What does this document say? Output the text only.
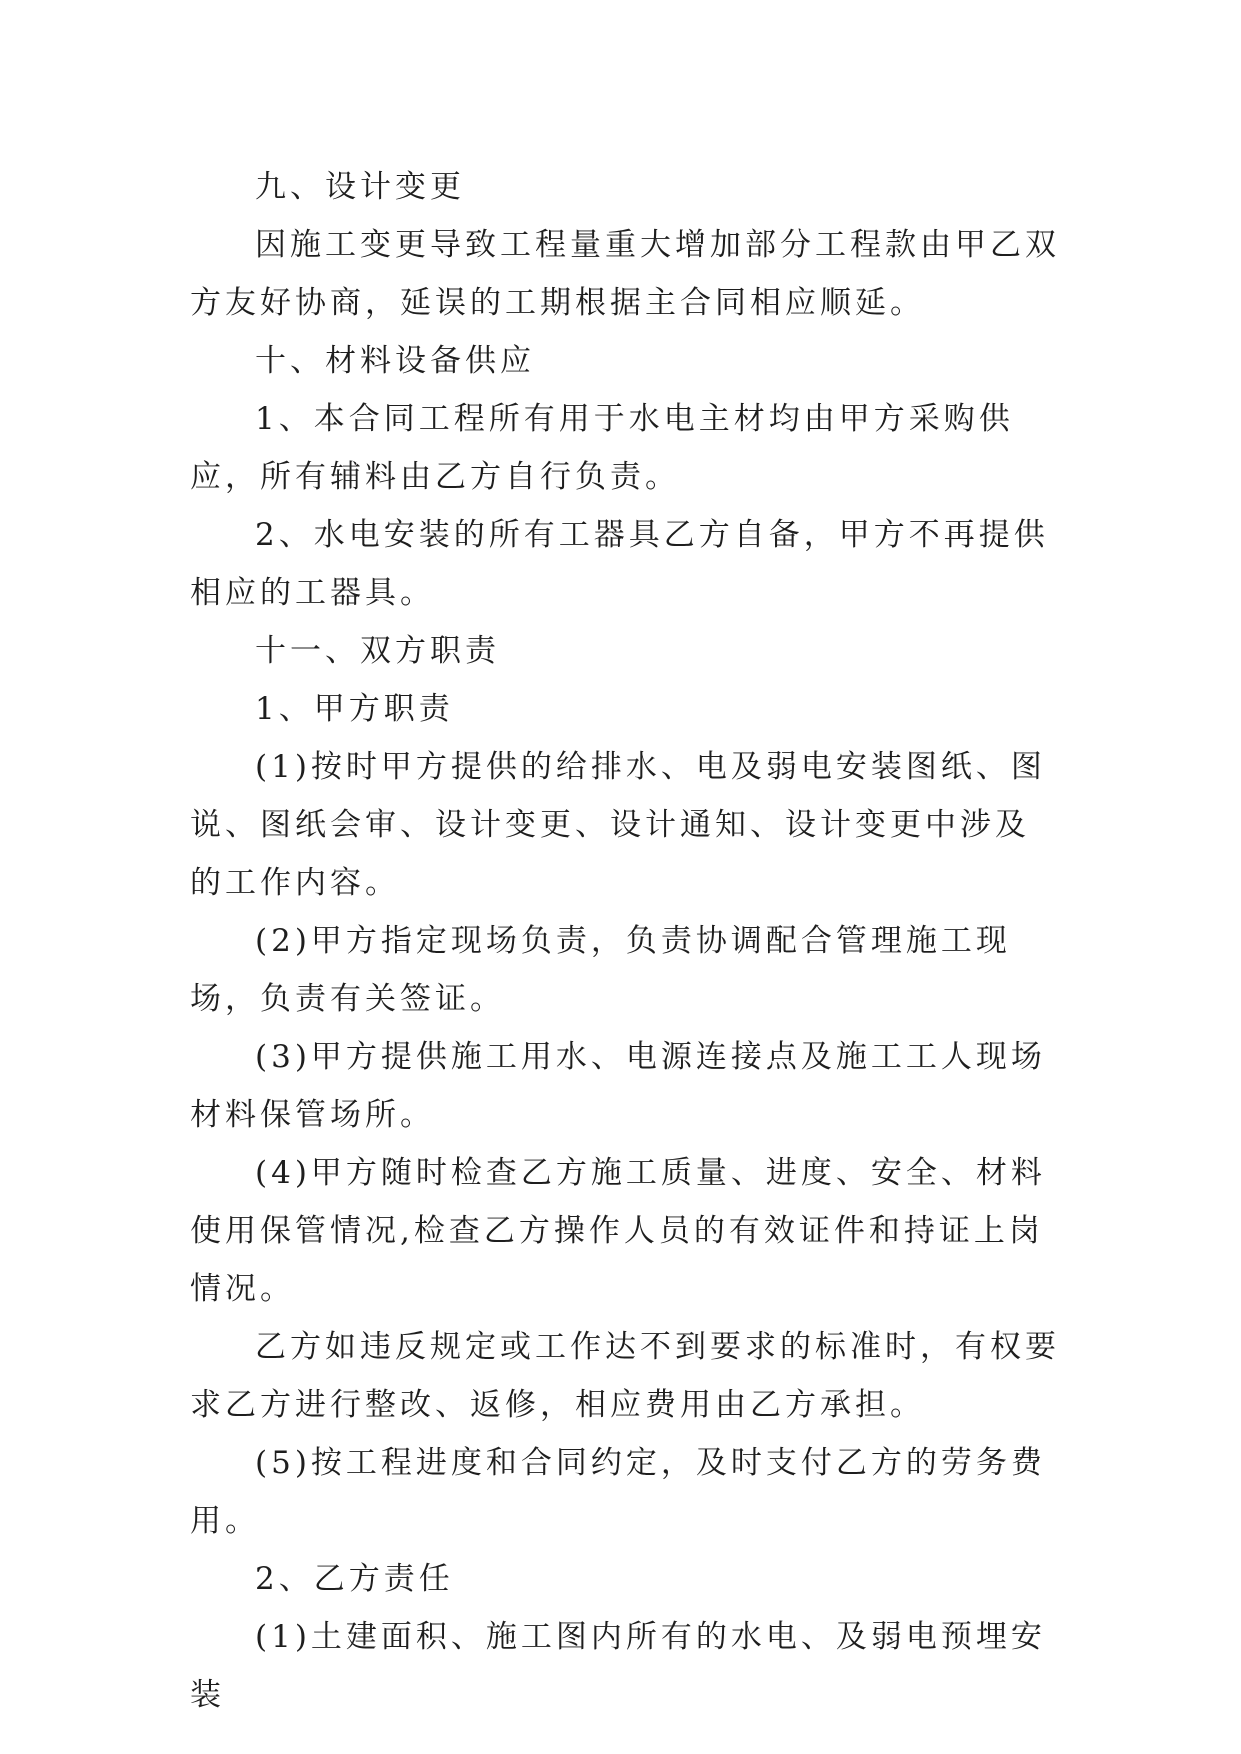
九、设计变更

因施工变更导致工程量重大增加部分工程款由甲乙双方友好协商，延误的工期根据主合同相应顺延。

十、材料设备供应

1、本合同工程所有用于水电主材均由甲方采购供应，所有辅料由乙方自行负责。

2、水电安装的所有工器具乙方自备，甲方不再提供相应的工器具。

十一、双方职责

1、甲方职责

(1)按时甲方提供的给排水、电及弱电安装图纸、图说、图纸会审、设计变更、设计通知、设计变更中涉及的工作内容。

(2)甲方指定现场负责，负责协调配合管理施工现场，负责有关签证。

(3)甲方提供施工用水、电源连接点及施工工人现场材料保管场所。

(4)甲方随时检查乙方施工质量、进度、安全、材料使用保管情况,检查乙方操作人员的有效证件和持证上岗情况。

乙方如违反规定或工作达不到要求的标准时，有权要求乙方进行整改、返修，相应费用由乙方承担。

(5)按工程进度和合同约定，及时支付乙方的劳务费用。

2、乙方责任

(1)土建面积、施工图内所有的水电、及弱电预埋安装
